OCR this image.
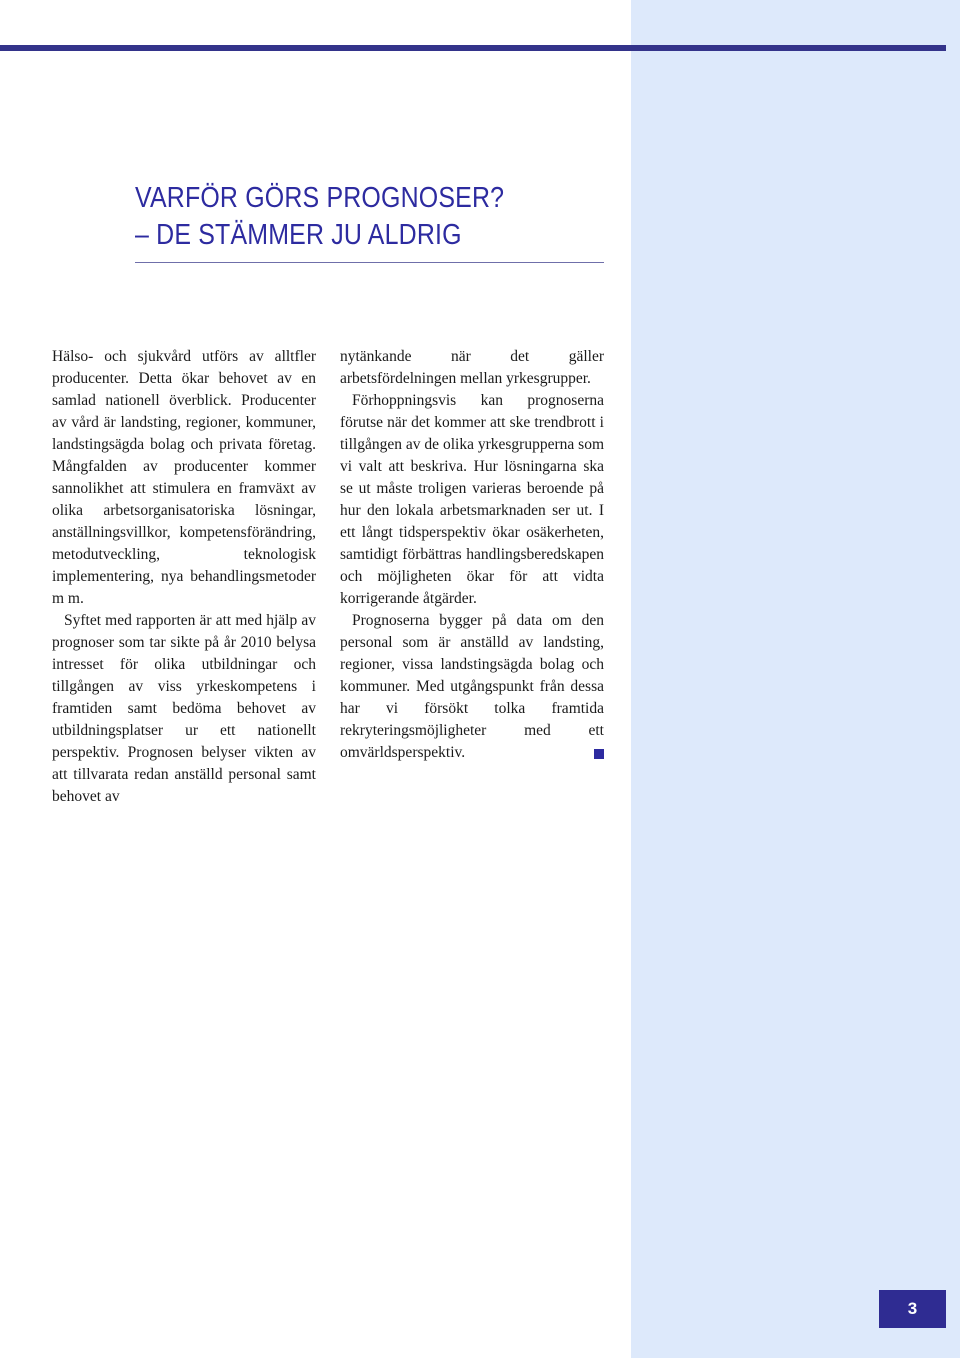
VARFÖR GÖRS PROGNOSER?
– DE STÄMMER JU ALDRIG

Hälso- och sjukvård utförs av alltfler producenter. Detta ökar behovet av en samlad nationell överblick. Producenter av vård är landsting, regioner, kommuner, landstingsägda bolag och privata företag. Mångfalden av producenter kommer sannolikhet att stimulera en framväxt av olika arbetsorganisatoriska lösningar, anställningsvillkor, kompetensförändring, metodutveckling, teknologisk implementering, nya behandlingsmetoder m m.

Syftet med rapporten är att med hjälp av prognoser som tar sikte på år 2010 belysa intresset för olika utbildningar och tillgången av viss yrkeskompetens i framtiden samt bedöma behovet av utbildningsplatser ur ett nationellt perspektiv. Prognosen belyser vikten av att tillvarata redan anställd personal samt behovet av

nytänkande när det gäller arbetsfördelningen mellan yrkesgrupper.

Förhoppningsvis kan prognoserna förutse när det kommer att ske trendbrott i tillgången av de olika yrkesgrupperna som vi valt att beskriva. Hur lösningarna ska se ut måste troligen varieras beroende på hur den lokala arbetsmarknaden ser ut. I ett långt tidsperspektiv ökar osäkerheten, samtidigt förbättras handlingsberedskapen och möjligheten ökar för att vidta korrigerande åtgärder.

Prognoserna bygger på data om den personal som är anställd av landsting, regioner, vissa landstingsägda bolag och kommuner. Med utgångspunkt från dessa har vi försökt tolka framtida rekryteringsmöjligheter med ett omvärldsperspektiv.

3
